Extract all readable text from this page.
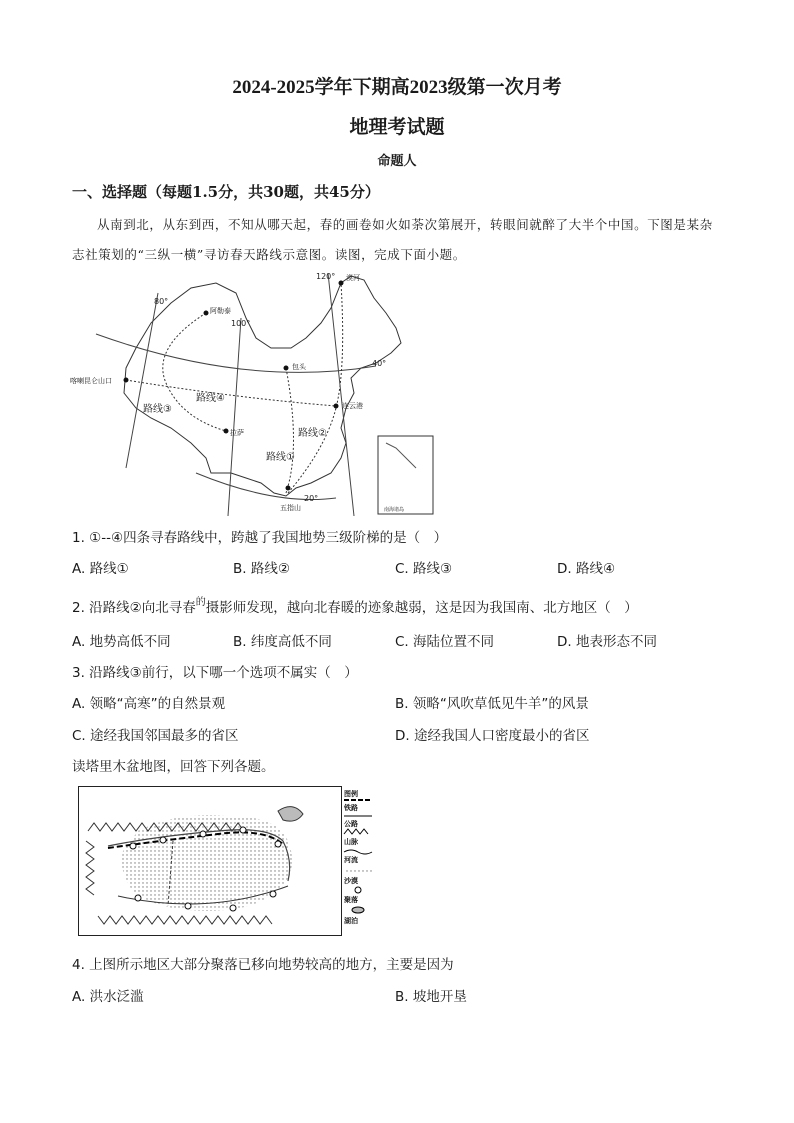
2024-2025学年下期高2023级第一次月考
地理考试题
命题人
一、选择题（每题1.5分，共30题，共45分）
从南到北，从东到西，不知从哪天起，春的画卷如火如荼次第展开，转眼间就醉了大半个中国。下图是某杂志社策划的“三纵一横”寻访春天路线示意图。读图，完成下面小题。
80°
100°
120°
40°
20°
阿勒泰
漠河
包头
喀喇昆仑山口
连云港
拉萨
五指山
路线①
路线②
路线③
路线④
南海诸岛
1. ①--④四条寻春路线中，跨越了我国地势三级阶梯的是（　）
A. 路线①	B. 路线②	C. 路线③	D. 路线④
2. 沿路线②向北寻春$^的$摄影师发现，越向北春暖的迹象越弱，这是因为我国南、北方地区（　）
A. 地势高低不同	B. 纬度高低不同	C. 海陆位置不同	D. 地表形态不同
3. 沿路线③前行，以下哪一个选项不属实（　）
A. 领略“高寒”的自然景观	B. 领略“风吹草低见牛羊”的风景
C. 途经我国邻国最多的省区	D. 途经我国人口密度最小的省区
读塔里木盆地图，回答下列各题。
图例
铁路
公路
山脉
河流
沙漠
聚落
湖泊
4. 上图所示地区大部分聚落已移向地势较高的地方，主要是因为
A. 洪水泛滥	B. 坡地开垦
